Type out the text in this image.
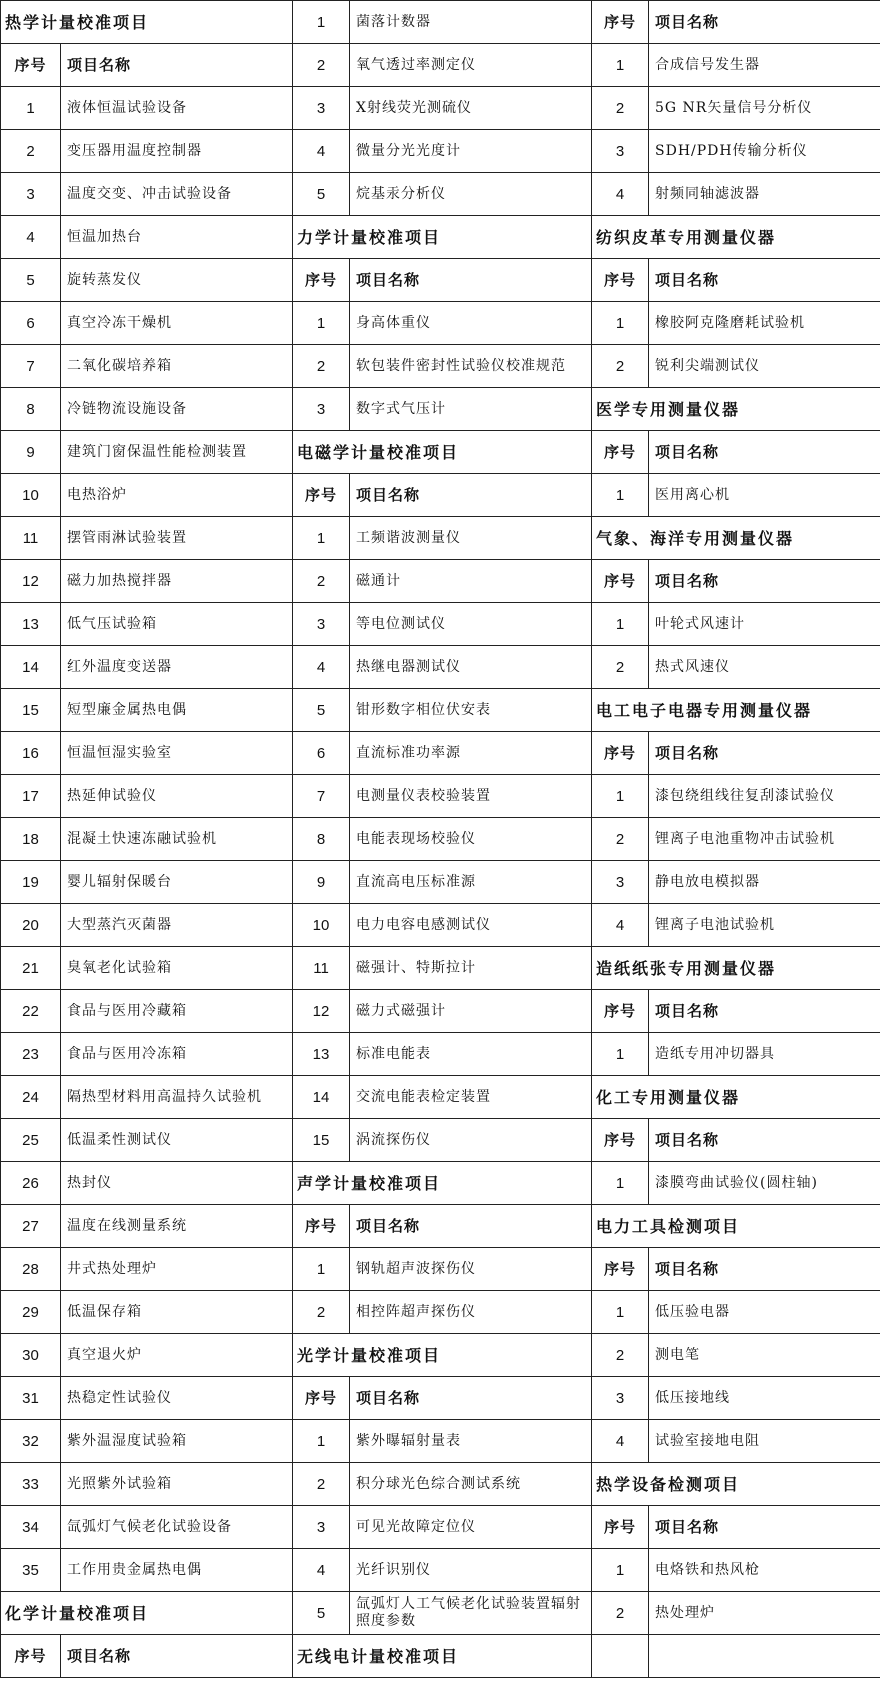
热学计量校准项目		1	菌落计数器	序号	项目名称
序号	项目名称	2	氧气透过率测定仪	1	合成信号发生器
1	液体恒温试验设备	3	X射线荧光测硫仪	2	5G NR矢量信号分析仪
2	变压器用温度控制器	4	微量分光光度计	3	SDH/PDH传输分析仪
3	温度交变、冲击试验设备	5	烷基汞分析仪	4	射频同轴滤波器
4	恒温加热台	力学计量校准项目		纺织皮革专用测量仪器	
5	旋转蒸发仪	序号	项目名称	序号	项目名称
6	真空冷冻干燥机	1	身高体重仪	1	橡胶阿克隆磨耗试验机
7	二氧化碳培养箱	2	软包装件密封性试验仪校准规范	2	锐利尖端测试仪
8	冷链物流设施设备	3	数字式气压计	医学专用测量仪器	
9	建筑门窗保温性能检测装置	电磁学计量校准项目		序号	项目名称
10	电热浴炉	序号	项目名称	1	医用离心机
11	摆管雨淋试验装置	1	工频谐波测量仪	气象、海洋专用测量仪器	
12	磁力加热搅拌器	2	磁通计	序号	项目名称
13	低气压试验箱	3	等电位测试仪	1	叶轮式风速计
14	红外温度变送器	4	热继电器测试仪	2	热式风速仪
15	短型廉金属热电偶	5	钳形数字相位伏安表	电工电子电器专用测量仪器	
16	恒温恒湿实验室	6	直流标准功率源	序号	项目名称
17	热延伸试验仪	7	电测量仪表校验装置	1	漆包绕组线往复刮漆试验仪
18	混凝土快速冻融试验机	8	电能表现场校验仪	2	锂离子电池重物冲击试验机
19	婴儿辐射保暖台	9	直流高电压标准源	3	静电放电模拟器
20	大型蒸汽灭菌器	10	电力电容电感测试仪	4	锂离子电池试验机
21	臭氧老化试验箱	11	磁强计、特斯拉计	造纸纸张专用测量仪器	
22	食品与医用冷藏箱	12	磁力式磁强计	序号	项目名称
23	食品与医用冷冻箱	13	标准电能表	1	造纸专用冲切器具
24	隔热型材料用高温持久试验机	14	交流电能表检定装置	化工专用测量仪器	
25	低温柔性测试仪	15	涡流探伤仪	序号	项目名称
26	热封仪	声学计量校准项目		1	漆膜弯曲试验仪(圆柱轴)
27	温度在线测量系统	序号	项目名称	电力工具检测项目	
28	井式热处理炉	1	钢轨超声波探伤仪	序号	项目名称
29	低温保存箱	2	相控阵超声探伤仪	1	低压验电器
30	真空退火炉	光学计量校准项目		2	测电笔
31	热稳定性试验仪	序号	项目名称	3	低压接地线
32	紫外温湿度试验箱	1	紫外曝辐射量表	4	试验室接地电阻
33	光照紫外试验箱	2	积分球光色综合测试系统	热学设备检测项目	
34	氙弧灯气候老化试验设备	3	可见光故障定位仪	序号	项目名称
35	工作用贵金属热电偶	4	光纤识别仪	1	电烙铁和热风枪
化学计量校准项目		5	氙弧灯人工气候老化试验装置辐射照度参数	2	热处理炉
序号	项目名称	无线电计量校准项目			
